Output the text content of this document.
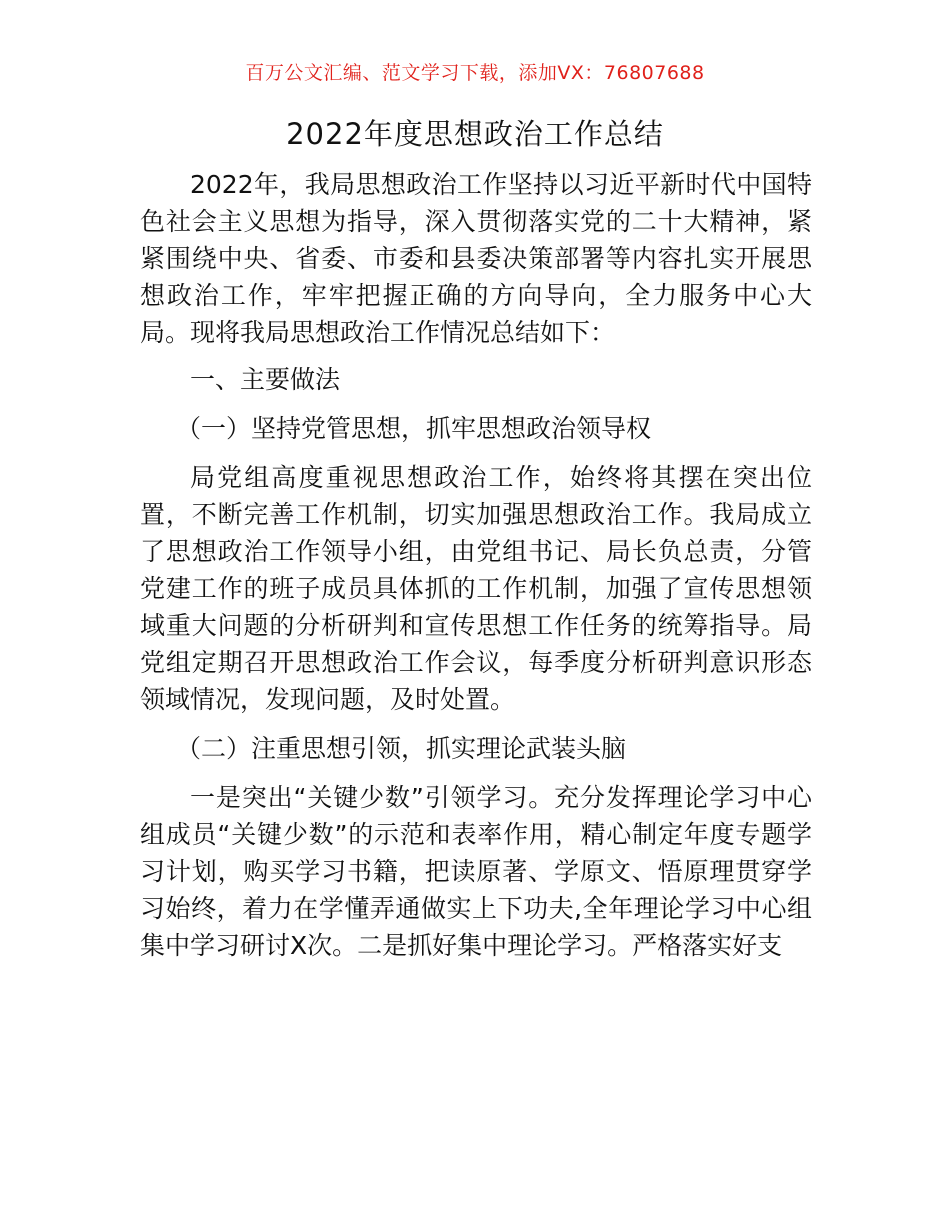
百万公文汇编、范文学习下载，添加VX：76807688
2022年度思想政治工作总结

2022年，我局思想政治工作坚持以习近平新时代中国特色社会主义思想为指导，深入贯彻落实党的二十大精神，紧紧围绕中央、省委、市委和县委决策部署等内容扎实开展思想政治工作，牢牢把握正确的方向导向，全力服务中心大局。现将我局思想政治工作情况总结如下：

一、主要做法

（一）坚持党管思想，抓牢思想政治领导权

局党组高度重视思想政治工作，始终将其摆在突出位置，不断完善工作机制，切实加强思想政治工作。我局成立了思想政治工作领导小组，由党组书记、局长负总责，分管党建工作的班子成员具体抓的工作机制，加强了宣传思想领域重大问题的分析研判和宣传思想工作任务的统筹指导。局党组定期召开思想政治工作会议，每季度分析研判意识形态领域情况，发现问题，及时处置。

（二）注重思想引领，抓实理论武装头脑

一是突出“关键少数”引领学习。充分发挥理论学习中心组成员“关键少数”的示范和表率作用，精心制定年度专题学习计划，购买学习书籍，把读原著、学原文、悟原理贯穿学习始终，着力在学懂弄通做实上下功夫,全年理论学习中心组集中学习研讨X次。二是抓好集中理论学习。严格落实好支
